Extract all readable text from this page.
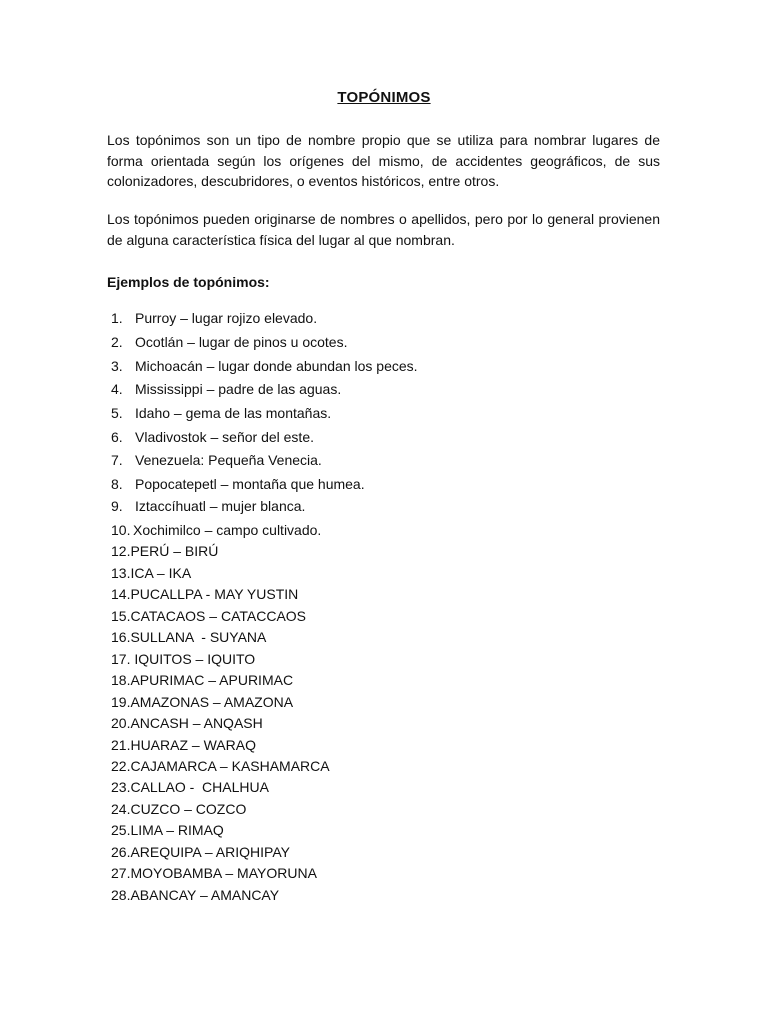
TOPÓNIMOS
Los topónimos son un tipo de nombre propio que se utiliza para nombrar lugares de forma orientada según los orígenes del mismo, de accidentes geográficos, de sus colonizadores, descubridores, o eventos históricos, entre otros.
Los topónimos pueden originarse de nombres o apellidos, pero por lo general provienen de alguna característica física del lugar al que nombran.
Ejemplos de topónimos:
1. Purroy – lugar rojizo elevado.
2. Ocotlán – lugar de pinos u ocotes.
3. Michoacán – lugar donde abundan los peces.
4. Mississippi – padre de las aguas.
5. Idaho – gema de las montañas.
6. Vladivostok – señor del este.
7. Venezuela: Pequeña Venecia.
8. Popocatepetl – montaña que humea.
9. Iztaccíhuatl – mujer blanca.
10. Xochimilco – campo cultivado.
12.PERÚ – BIRÚ
13.ICA – IKA
14.PUCALLPA - MAY YUSTIN
15.CATACAOS – CATACCAOS
16.SULLANA  - SUYANA
17. IQUITOS – IQUITO
18.APURIMAC – APURIMAC
19.AMAZONAS – AMAZONA
20.ANCASH – ANQASH
21.HUARAZ – WARAQ
22.CAJAMARCA – KASHAMARCA
23.CALLAO -  CHALHUA
24.CUZCO – COZCO
25.LIMA – RIMAQ
26.AREQUIPA – ARIQHIPAY
27.MOYOBAMBA – MAYORUNA
28.ABANCAY – AMANCAY
